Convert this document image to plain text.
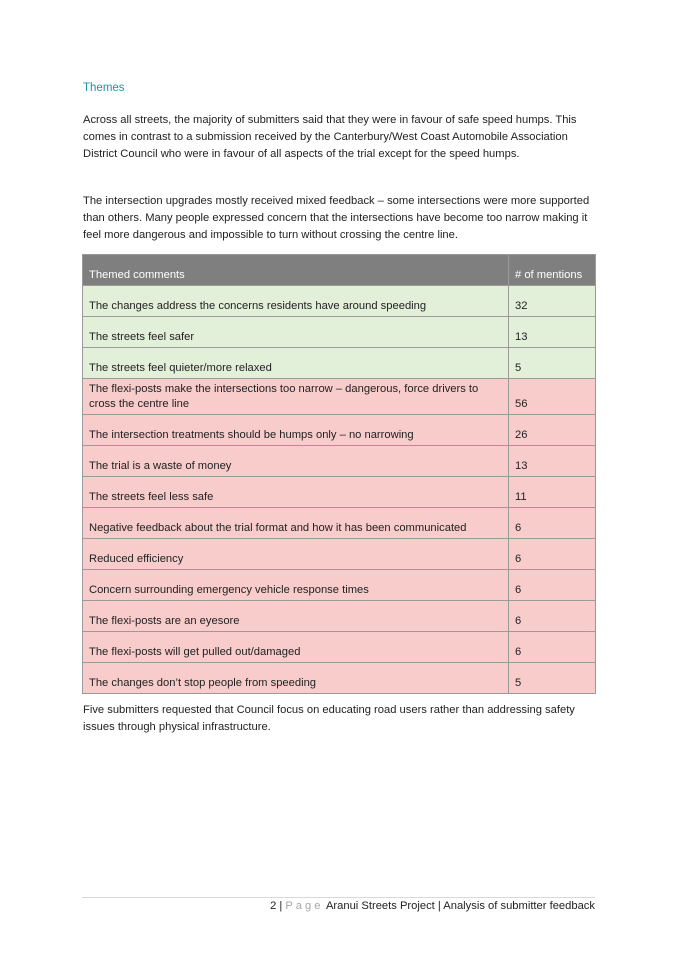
Themes

Across all streets, the majority of submitters said that they were in favour of safe speed humps. This comes in contrast to a submission received by the Canterbury/West Coast Automobile Association District Council who were in favour of all aspects of the trial except for the speed humps.

The intersection upgrades mostly received mixed feedback – some intersections were more supported than others. Many people expressed concern that the intersections have become too narrow making it feel more dangerous and impossible to turn without crossing the centre line.

Themed comments	# of mentions
The changes address the concerns residents have around speeding	32
The streets feel safer	13
The streets feel quieter/more relaxed	5
The flexi-posts make the intersections too narrow – dangerous, force drivers to cross the centre line	56
The intersection treatments should be humps only – no narrowing	26
The trial is a waste of money	13
The streets feel less safe	11
Negative feedback about the trial format and how it has been communicated	6
Reduced efficiency	6
Concern surrounding emergency vehicle response times	6
The flexi-posts are an eyesore	6
The flexi-posts will get pulled out/damaged	6
The changes don’t stop people from speeding	5

Five submitters requested that Council focus on educating road users rather than addressing safety issues through physical infrastructure.

2 | Page Aranui Streets Project | Analysis of submitter feedback
